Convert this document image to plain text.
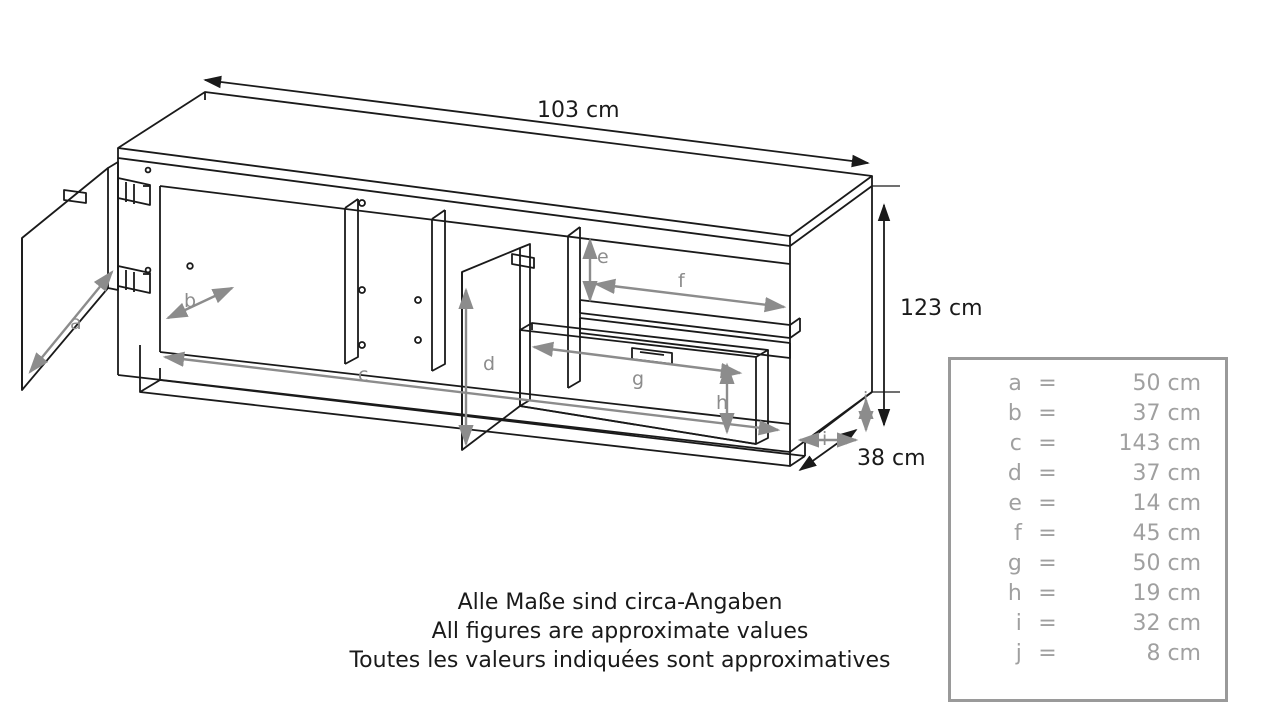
103 cm
123 cm
38 cm
a
b
c	d
e
f
g
h
i
j
Alle Maße sind circa-Angaben
All figures are approximate values
Toutes les valeurs indiquées sont approximatives
a =	50 cm
b =	37 cm
c =	143 cm
d =	37 cm
e =	14 cm
f =	45 cm
g =	50 cm
h =	19 cm
i =	32 cm
j =	8 cm
